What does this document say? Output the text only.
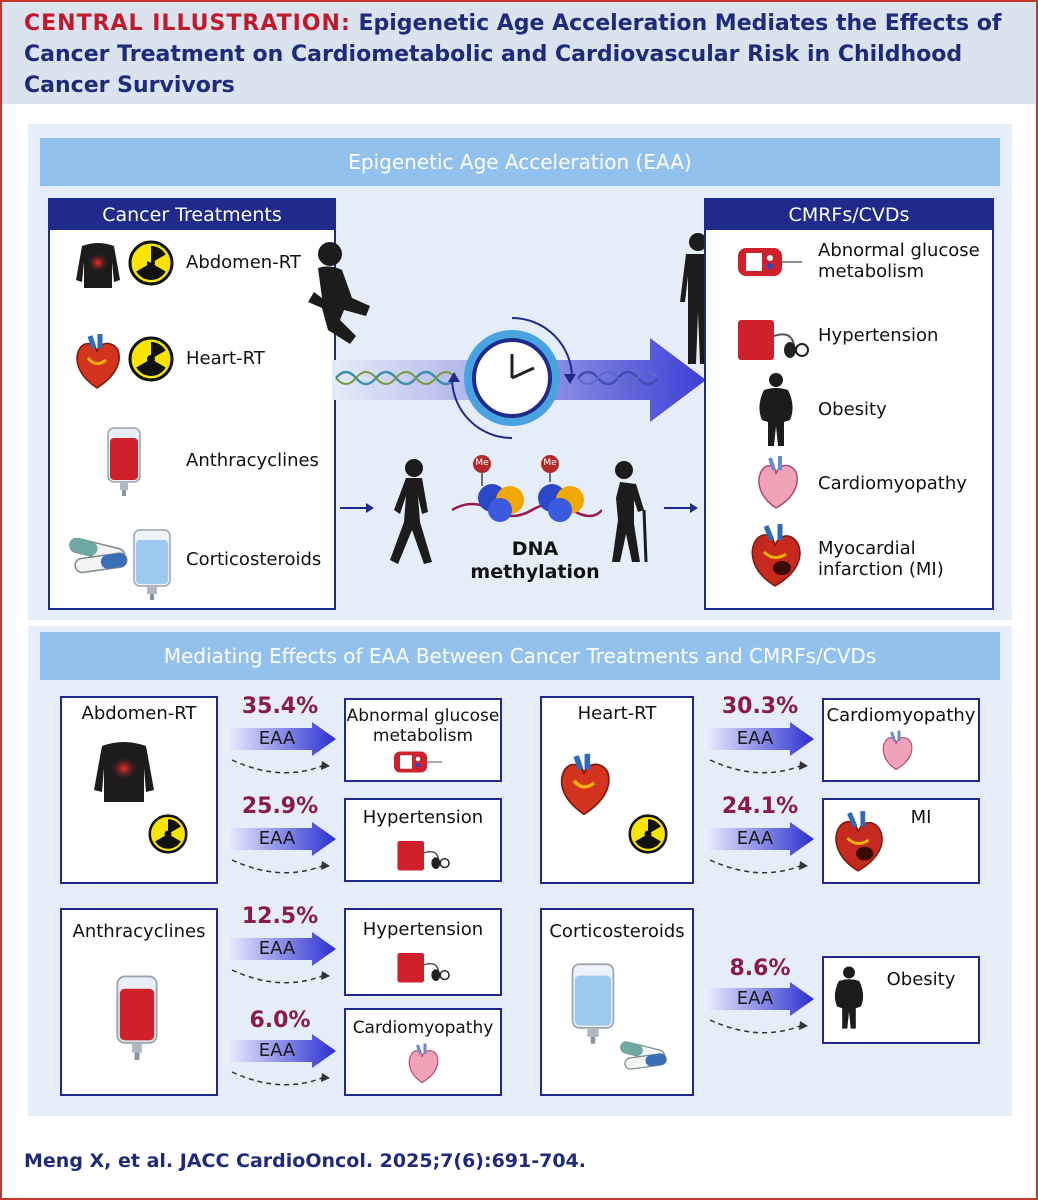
CENTRAL ILLUSTRATION: Epigenetic Age Acceleration Mediates the Effects of Cancer Treatment on Cardiometabolic and Cardiovascular Risk in Childhood Cancer Survivors

Epigenetic Age Acceleration (EAA)
Cancer Treatments
Abdomen-RT
Heart-RT
Anthracyclines
Corticosteroids
Me	Me
DNA methylation
CMRFs/CVDs
Abnormal glucose metabolism
Hypertension
Obesity
Cardiomyopathy
Myocardial infarction (MI)
Mediating Effects of EAA Between Cancer Treatments and CMRFs/CVDs
Abdomen-RT	Heart-RT
Anthracyclines	Corticosteroids
35.4%
25.9%
30.3%
24.1%
12.5%
6.0%
8.6%
EAA
EAA
EAA
EAA
EAA
EAA
EAA
Abnormal glucose metabolism
Hypertension
Cardiomyopathy
MI
Hypertension
Cardiomyopathy
Obesity
Meng X, et al. JACC CardioOncol. 2025;7(6):691-704.
